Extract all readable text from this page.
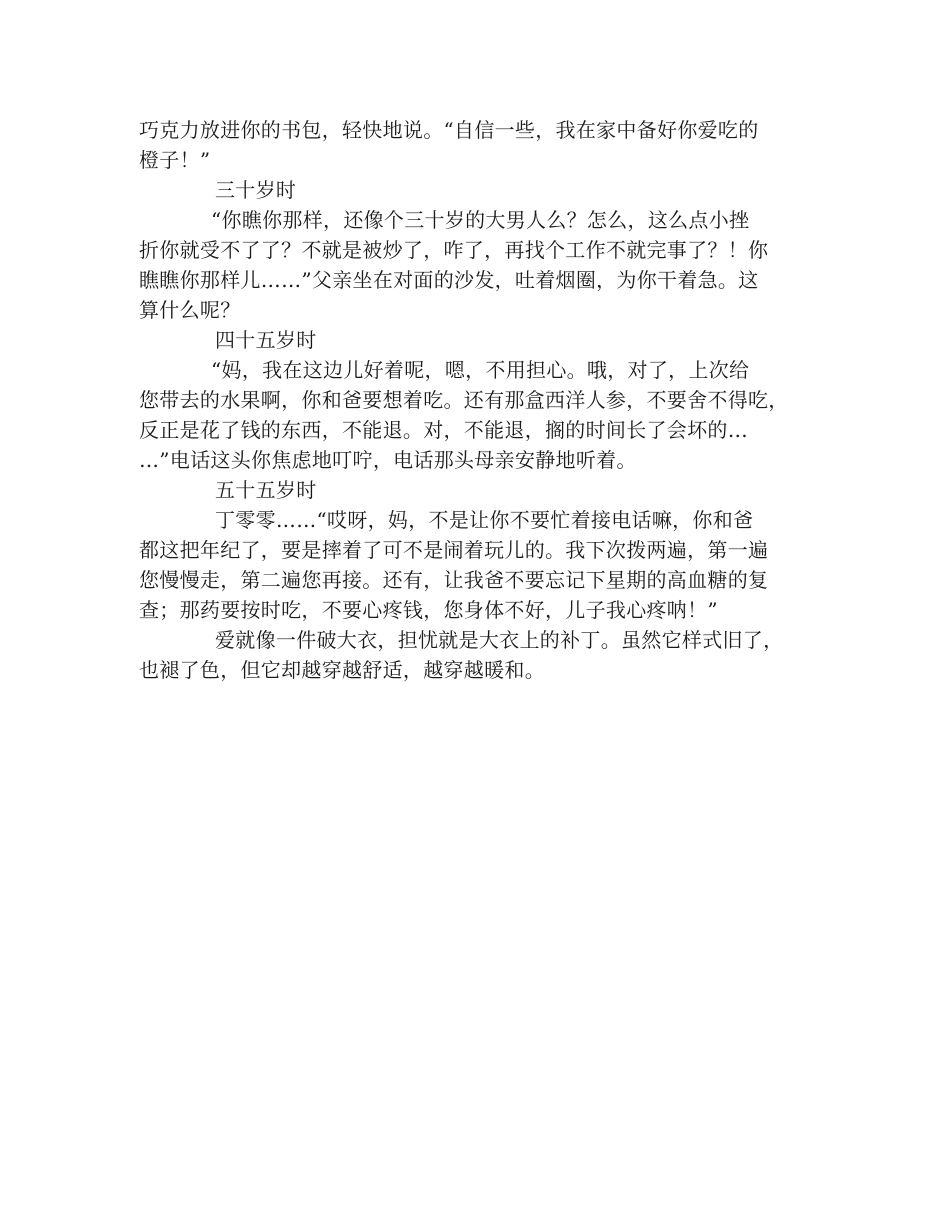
巧克力放进你的书包，轻快地说。“自信一些，我在家中备好你爱吃的
橙子！”
三十岁时
“你瞧你那样，还像个三十岁的大男人么？怎么，这么点小挫
折你就受不了了？不就是被炒了，咋了，再找个工作不就完事了？！你
瞧瞧你那样儿……”父亲坐在对面的沙发，吐着烟圈，为你干着急。这
算什么呢？
四十五岁时
“妈，我在这边儿好着呢，嗯，不用担心。哦，对了，上次给
您带去的水果啊，你和爸要想着吃。还有那盒西洋人参，不要舍不得吃，
反正是花了钱的东西，不能退。对，不能退，搁的时间长了会坏的…
…”电话这头你焦虑地叮咛，电话那头母亲安静地听着。
五十五岁时
丁零零……“哎呀，妈，不是让你不要忙着接电话嘛，你和爸
都这把年纪了，要是摔着了可不是闹着玩儿的。我下次拨两遍，第一遍
您慢慢走，第二遍您再接。还有，让我爸不要忘记下星期的高血糖的复
查；那药要按时吃，不要心疼钱，您身体不好，儿子我心疼呐！”
爱就像一件破大衣，担忧就是大衣上的补丁。虽然它样式旧了，
也褪了色，但它却越穿越舒适，越穿越暖和。
